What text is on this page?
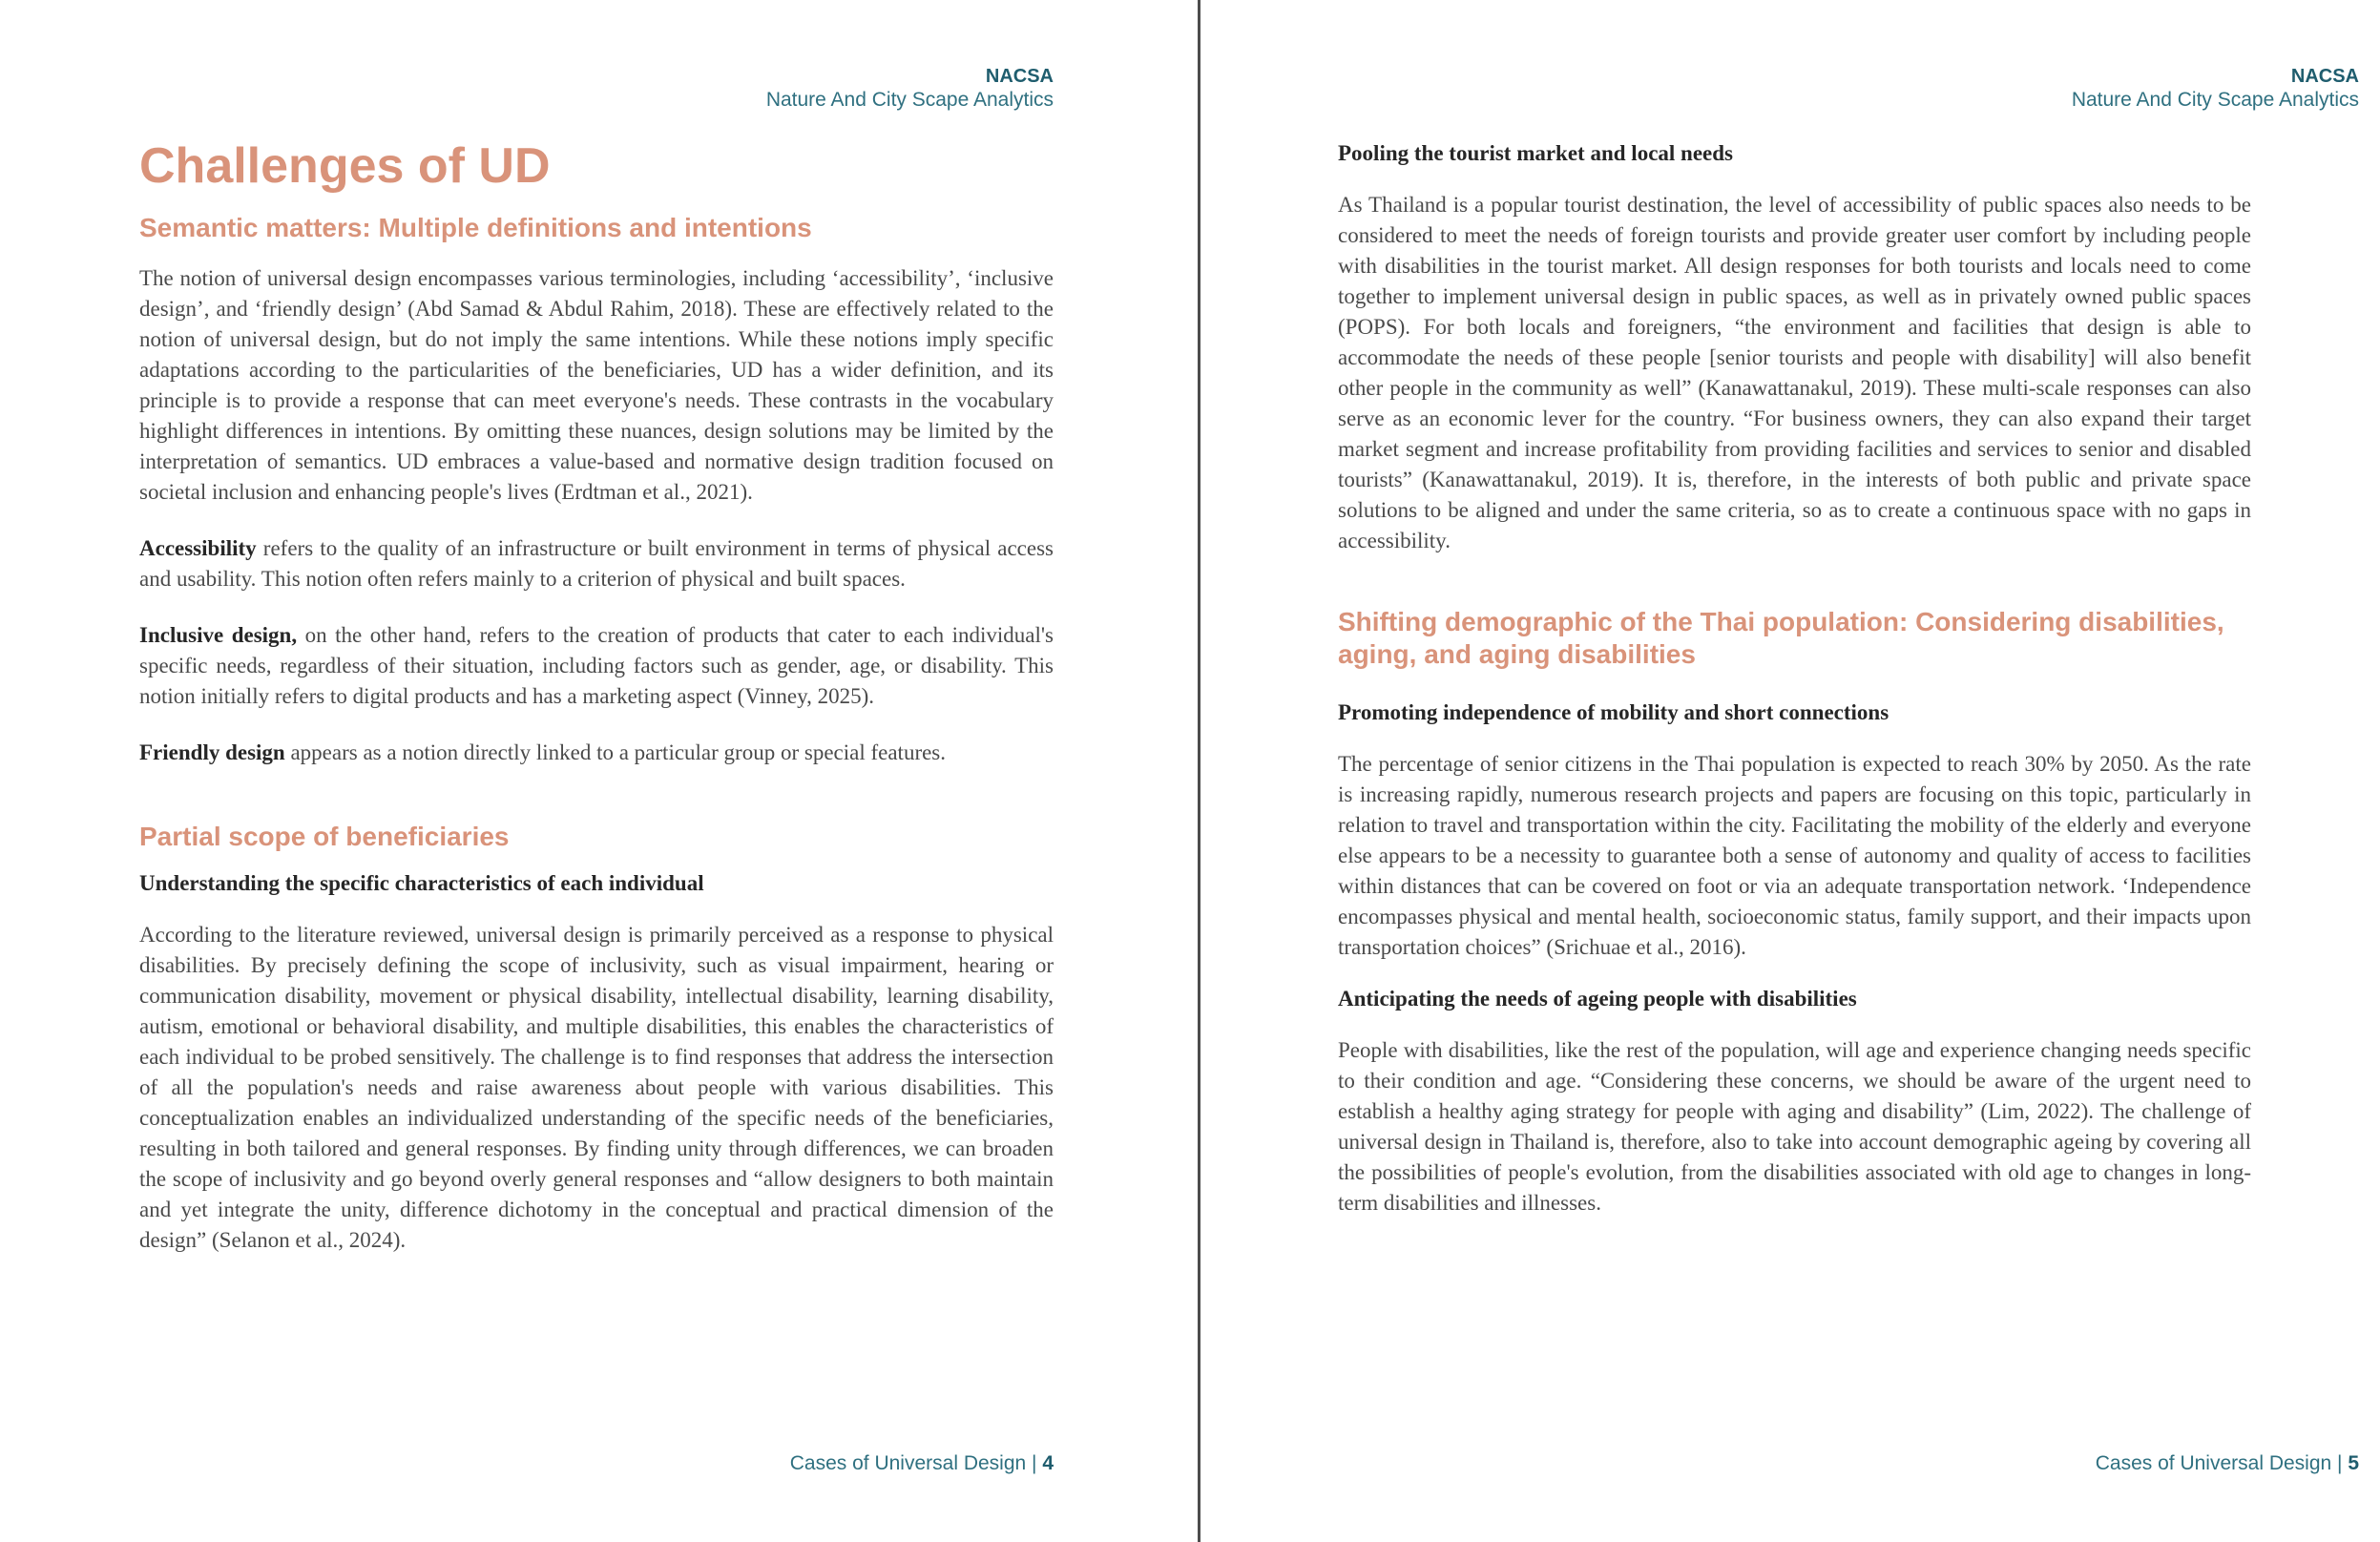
NACSA
Nature And City Scape Analytics
Challenges of UD
Semantic matters: Multiple definitions and intentions

The notion of universal design encompasses various terminologies, including ‘accessibility’, ‘inclusive design’, and ‘friendly design’ (Abd Samad & Abdul Rahim, 2018). These are effectively related to the notion of universal design, but do not imply the same intentions. While these notions imply specific adaptations according to the particularities of the beneficiaries, UD has a wider definition, and its principle is to provide a response that can meet everyone's needs. These contrasts in the vocabulary highlight differences in intentions. By omitting these nuances, design solutions may be limited by the interpretation of semantics. UD embraces a value-based and normative design tradition focused on societal inclusion and enhancing people's lives (Erdtman et al., 2021).

Accessibility refers to the quality of an infrastructure or built environment in terms of physical access and usability. This notion often refers mainly to a criterion of physical and built spaces.

Inclusive design, on the other hand, refers to the creation of products that cater to each individual's specific needs, regardless of their situation, including factors such as gender, age, or disability. This notion initially refers to digital products and has a marketing aspect (Vinney, 2025).

Friendly design appears as a notion directly linked to a particular group or special features.

Partial scope of beneficiaries
Understanding the specific characteristics of each individual

According to the literature reviewed, universal design is primarily perceived as a response to physical disabilities. By precisely defining the scope of inclusivity, such as visual impairment, hearing or communication disability, movement or physical disability, intellectual disability, learning disability, autism, emotional or behavioral disability, and multiple disabilities, this enables the characteristics of each individual to be probed sensitively. The challenge is to find responses that address the intersection of all the population's needs and raise awareness about people with various disabilities. This conceptualization enables an individualized understanding of the specific needs of the beneficiaries, resulting in both tailored and general responses. By finding unity through differences, we can broaden the scope of inclusivity and go beyond overly general responses and “allow designers to both maintain and yet integrate the unity, difference dichotomy in the conceptual and practical dimension of the design” (Selanon et al., 2024).

Cases of Universal Design | 4
NACSA
Nature And City Scape Analytics
Pooling the tourist market and local needs

As Thailand is a popular tourist destination, the level of accessibility of public spaces also needs to be considered to meet the needs of foreign tourists and provide greater user comfort by including people with disabilities in the tourist market. All design responses for both tourists and locals need to come together to implement universal design in public spaces, as well as in privately owned public spaces (POPS). For both locals and foreigners, “the environment and facilities that design is able to accommodate the needs of these people [senior tourists and people with disability] will also benefit other people in the community as well” (Kanawattanakul, 2019). These multi-scale responses can also serve as an economic lever for the country. “For business owners, they can also expand their target market segment and increase profitability from providing facilities and services to senior and disabled tourists” (Kanawattanakul, 2019). It is, therefore, in the interests of both public and private space solutions to be aligned and under the same criteria, so as to create a continuous space with no gaps in accessibility.

Shifting demographic of the Thai population: Considering disabilities, aging, and aging disabilities
Promoting independence of mobility and short connections

The percentage of senior citizens in the Thai population is expected to reach 30% by 2050. As the rate is increasing rapidly, numerous research projects and papers are focusing on this topic, particularly in relation to travel and transportation within the city. Facilitating the mobility of the elderly and everyone else appears to be a necessity to guarantee both a sense of autonomy and quality of access to facilities within distances that can be covered on foot or via an adequate transportation network. ‘Independence encompasses physical and mental health, socioeconomic status, family support, and their impacts upon transportation choices” (Srichuae et al., 2016).

Anticipating the needs of ageing people with disabilities

People with disabilities, like the rest of the population, will age and experience changing needs specific to their condition and age. “Considering these concerns, we should be aware of the urgent need to establish a healthy aging strategy for people with aging and disability” (Lim, 2022). The challenge of universal design in Thailand is, therefore, also to take into account demographic ageing by covering all the possibilities of people's evolution, from the disabilities associated with old age to changes in long-term disabilities and illnesses.

Cases of Universal Design | 5
